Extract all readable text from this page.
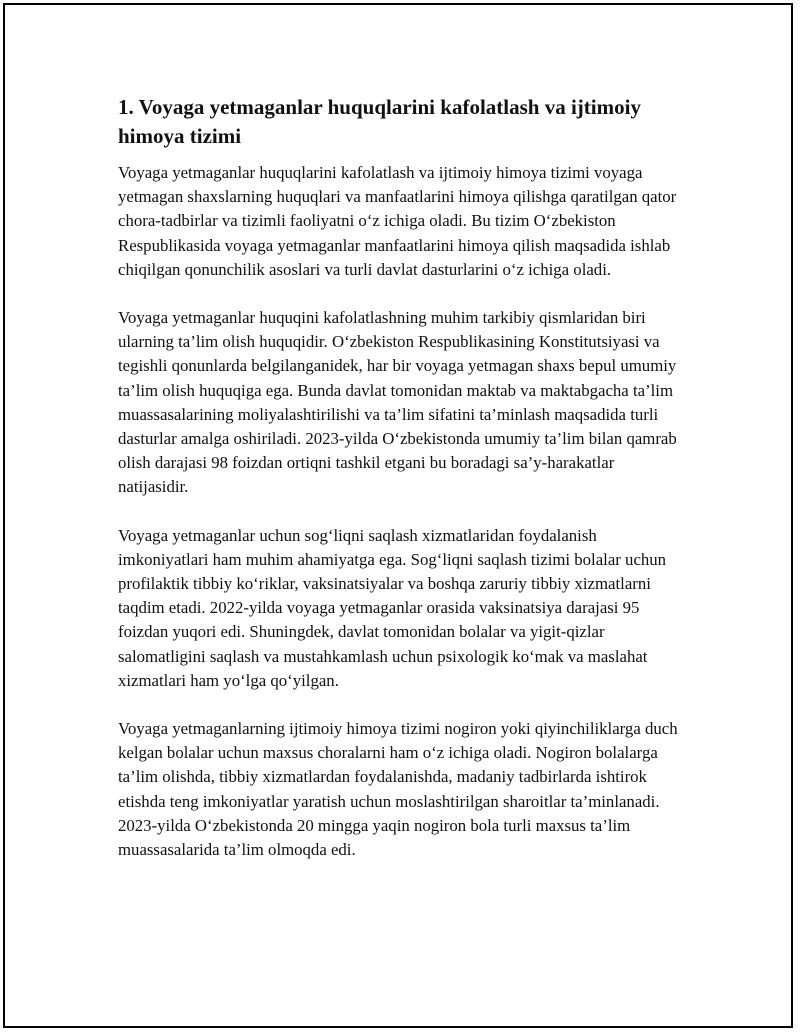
1. Voyaga yetmaganlar huquqlarini kafolatlash va ijtimoiy himoya tizimi

Voyaga yetmaganlar huquqlarini kafolatlash va ijtimoiy himoya tizimi voyaga yetmagan shaxslarning huquqlari va manfaatlarini himoya qilishga qaratilgan qator chora-tadbirlar va tizimli faoliyatni o‘z ichiga oladi. Bu tizim O‘zbekiston Respublikasida voyaga yetmaganlar manfaatlarini himoya qilish maqsadida ishlab chiqilgan qonunchilik asoslari va turli davlat dasturlarini o‘z ichiga oladi.

Voyaga yetmaganlar huquqini kafolatlashning muhim tarkibiy qismlaridan biri ularning ta’lim olish huquqidir. O‘zbekiston Respublikasining Konstitutsiyasi va tegishli qonunlarda belgilanganidek, har bir voyaga yetmagan shaxs bepul umumiy ta’lim olish huquqiga ega. Bunda davlat tomonidan maktab va maktabgacha ta’lim muassasalarining moliyalashtirilishi va ta’lim sifatini ta’minlash maqsadida turli dasturlar amalga oshiriladi. 2023-yilda O‘zbekistonda umumiy ta’lim bilan qamrab olish darajasi 98 foizdan ortiqni tashkil etgani bu boradagi sa’y-harakatlar natijasidir.

Voyaga yetmaganlar uchun sog‘liqni saqlash xizmatlaridan foydalanish imkoniyatlari ham muhim ahamiyatga ega. Sog‘liqni saqlash tizimi bolalar uchun profilaktik tibbiy ko‘riklar, vaksinatsiyalar va boshqa zaruriy tibbiy xizmatlarni taqdim etadi. 2022-yilda voyaga yetmaganlar orasida vaksinatsiya darajasi 95 foizdan yuqori edi. Shuningdek, davlat tomonidan bolalar va yigit-qizlar salomatligini saqlash va mustahkamlash uchun psixologik ko‘mak va maslahat xizmatlari ham yo‘lga qo‘yilgan.

Voyaga yetmaganlarning ijtimoiy himoya tizimi nogiron yoki qiyinchiliklarga duch kelgan bolalar uchun maxsus choralarni ham o‘z ichiga oladi. Nogiron bolalarga ta’lim olishda, tibbiy xizmatlardan foydalanishda, madaniy tadbirlarda ishtirok etishda teng imkoniyatlar yaratish uchun moslashtirilgan sharoitlar ta’minlanadi. 2023-yilda O‘zbekistonda 20 mingga yaqin nogiron bola turli maxsus ta’lim muassasalarida ta’lim olmoqda edi.
